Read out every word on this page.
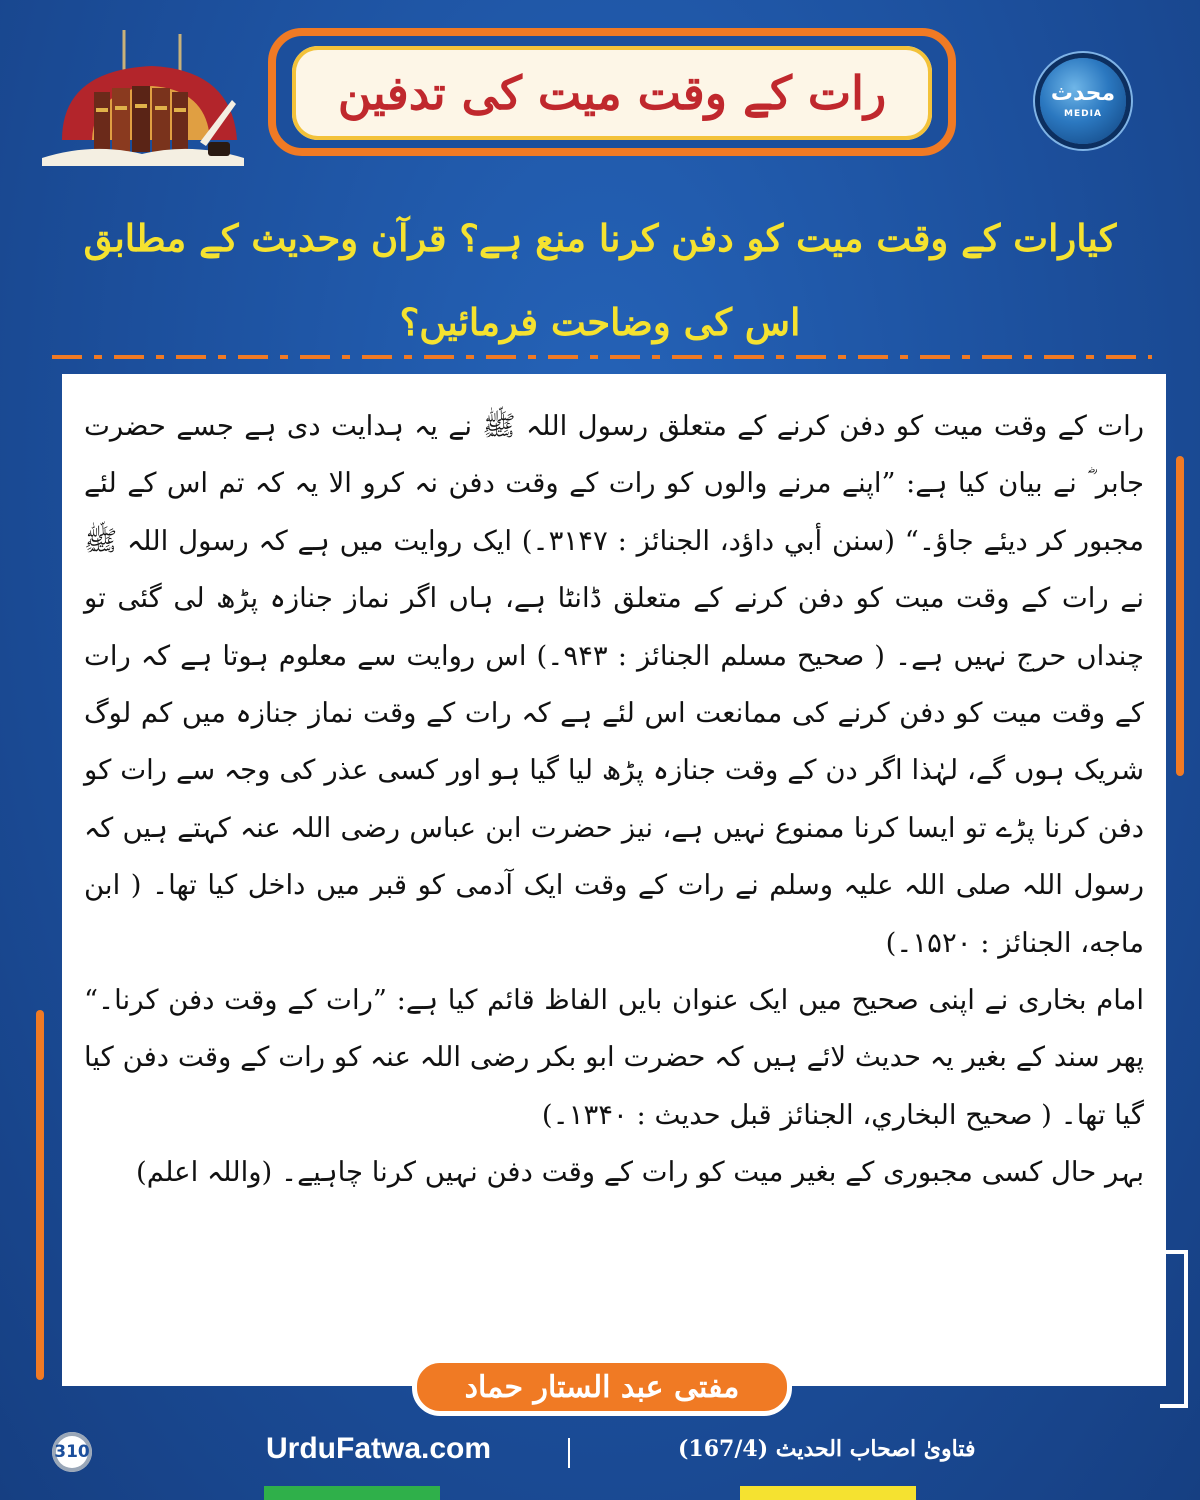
رات کے وقت میت کی تدفین	محدث
MEDIA
کیارات کے وقت میت کو دفن کرنا منع ہے؟ قرآن وحدیث کے مطابق اس کی وضاحت فرمائیں؟

رات کے وقت میت کو دفن کرنے کے متعلق رسول اللہ ﷺ نے یہ ہدایت دی ہے جسے حضرت جابر ؓ نے بیان کیا ہے: ”اپنے مرنے والوں کو رات کے وقت دفن نہ کرو الا یہ کہ تم اس کے لئے مجبور کر دیئے جاؤ۔“ (سنن أبي داؤد، الجنائز : ۳۱۴۷۔) ایک روایت میں ہے کہ رسول اللہ ﷺ نے رات کے وقت میت کو دفن کرنے کے متعلق ڈانٹا ہے، ہاں اگر نماز جنازہ پڑھ لی گئی تو چنداں حرج نہیں ہے۔ ( صحیح مسلم الجنائز : ۹۴۳۔) اس روایت سے معلوم ہوتا ہے کہ رات کے وقت میت کو دفن کرنے کی ممانعت اس لئے ہے کہ رات کے وقت نماز جنازہ میں کم لوگ شریک ہوں گے، لہٰذا اگر دن کے وقت جنازہ پڑھ لیا گیا ہو اور کسی عذر کی وجہ سے رات کو دفن کرنا پڑے تو ایسا کرنا ممنوع نہیں ہے، نیز حضرت ابن عباس رضی اللہ عنہ کہتے ہیں کہ رسول اللہ صلی اللہ علیہ وسلم نے رات کے وقت ایک آدمی کو قبر میں داخل کیا تھا۔ ( ابن ماجه، الجنائز : ۱۵۲۰۔)

امام بخاری نے اپنی صحیح میں ایک عنوان بایں الفاظ قائم کیا ہے: ”رات کے وقت دفن کرنا۔“ پھر سند کے بغیر یہ حدیث لائے ہیں کہ حضرت ابو بکر رضی اللہ عنہ کو رات کے وقت دفن کیا گیا تھا۔ ( صحیح البخاري، الجنائز قبل حديث : ۱۳۴۰۔)

بہر حال کسی مجبوری کے بغیر میت کو رات کے وقت دفن نہیں کرنا چاہیے۔ (واللہ اعلم)

مفتی عبد الستار حماد
310	UrduFatwa.com	فتاویٰ اصحاب الحدیث (167/4)
